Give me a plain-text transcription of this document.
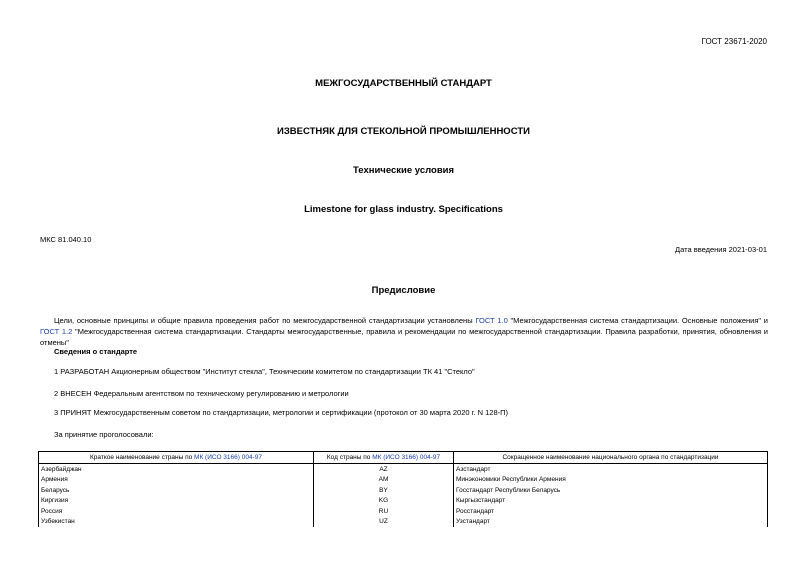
ГОСТ 23671-2020
МЕЖГОСУДАРСТВЕННЫЙ СТАНДАРТ
ИЗВЕСТНЯК ДЛЯ СТЕКОЛЬНОЙ ПРОМЫШЛЕННОСТИ
Технические условия
Limestone for glass industry. Specifications
МКС 81.040.10
Дата введения 2021-03-01
Предисловие
Цели, основные принципы и общие правила проведения работ по межгосударственной стандартизации установлены ГОСТ 1.0 "Межгосударственная система стандартизации. Основные положения" и ГОСТ 1.2 "Межгосударственная система стандартизации. Стандарты межгосударственные, правила и рекомендации по межгосударственной стандартизации. Правила разработки, принятия, обновления и отмены"
Сведения о стандарте
1 РАЗРАБОТАН Акционерным обществом "Институт стекла", Техническим комитетом по стандартизации ТК 41 "Стекло"
2 ВНЕСЕН Федеральным агентством по техническому регулированию и метрологии
3 ПРИНЯТ Межгосударственным советом по стандартизации, метрологии и сертификации (протокол от 30 марта 2020 г. N 128-П)
За принятие проголосовали:
Краткое наименование страны по МК (ИСО 3166) 004-97	Код страны по МК (ИСО 3166) 004-97	Сокращенное наименование национального органа по стандартизации
Азербайджан	AZ	Азстандарт
Армения	AM	Минэкономики Республики Армения
Беларусь	BY	Госстандарт Республики Беларусь
Киргизия	KG	Кыргызстандарт
Россия	RU	Росстандарт
Узбекистан	UZ	Узстандарт
